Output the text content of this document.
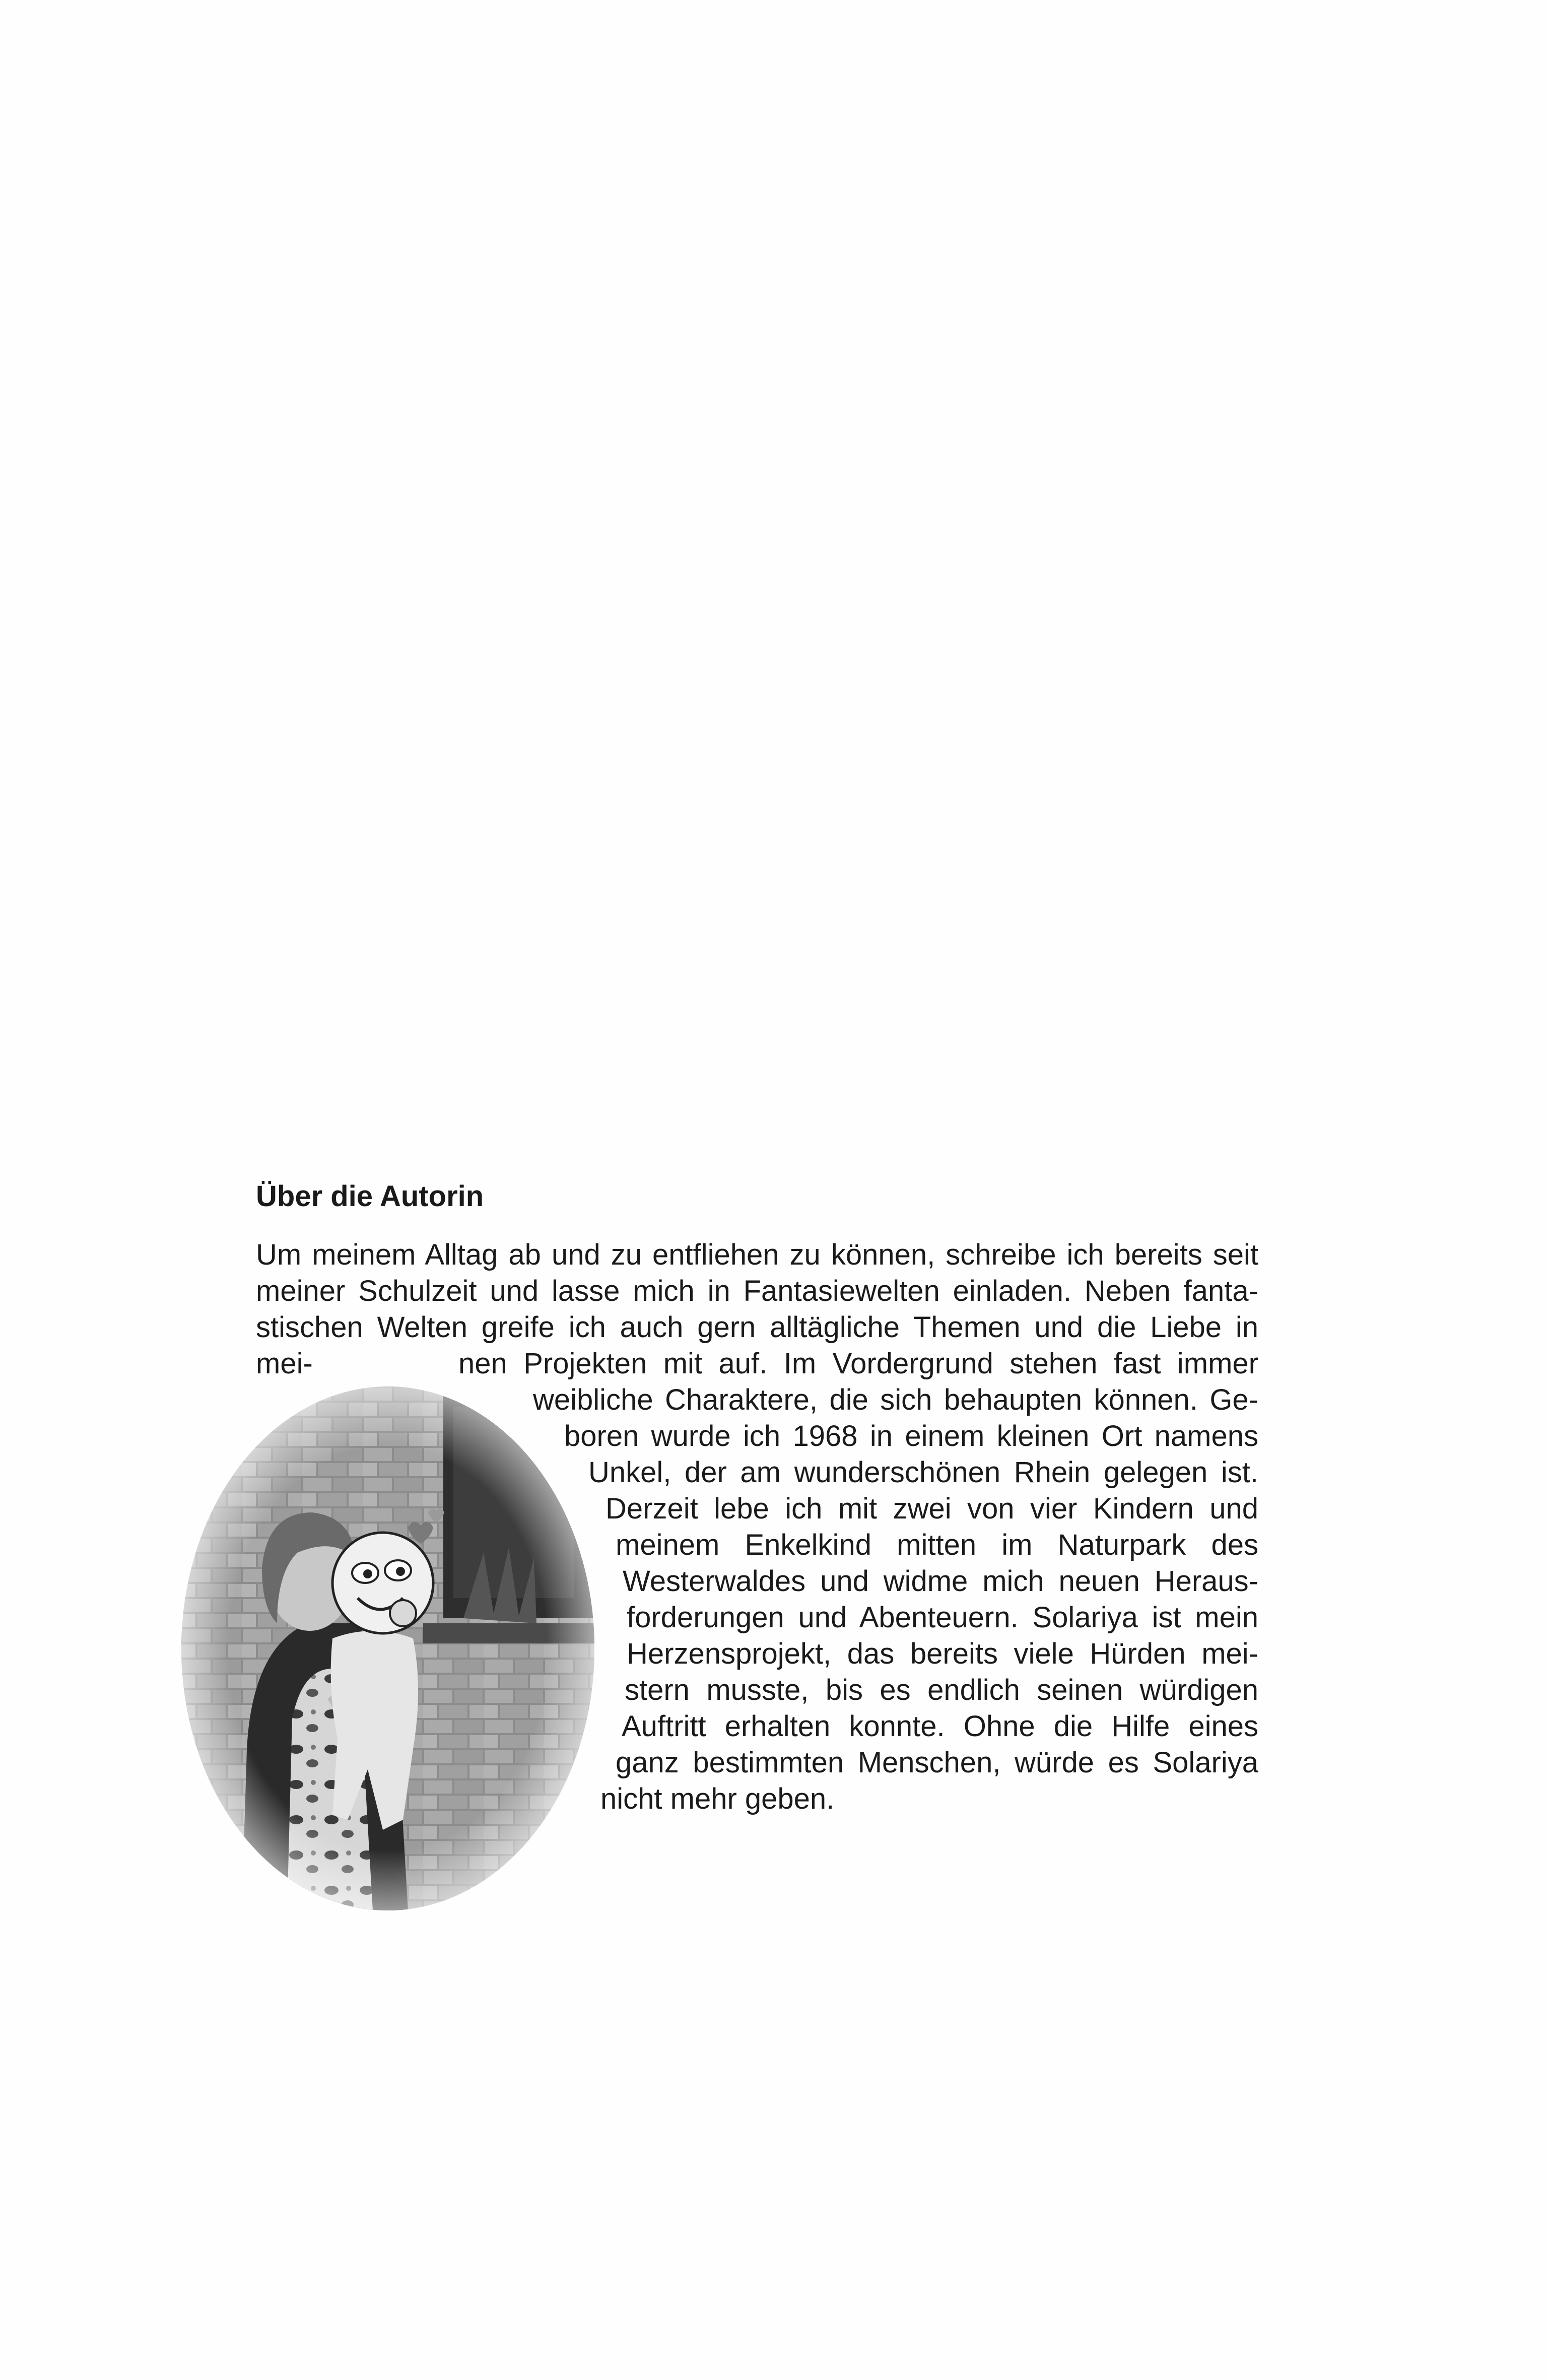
Über die Autorin
Um meinem Alltag ab und zu entfliehen zu können, schreibe ich bereits seit
meiner Schulzeit und lasse mich in Fantasiewelten einladen. Neben fanta-
stischen Welten greife ich auch gern alltägliche Themen und die Liebe in
mei-	nen Projekten mit auf. Im Vordergrund stehen fast immer
weibliche Charaktere, die sich behaupten können. Ge-
boren wurde ich 1968 in einem kleinen Ort namens
Unkel, der am wunderschönen Rhein gelegen ist.
Derzeit lebe ich mit zwei von vier Kindern und
meinem Enkelkind mitten im Naturpark des
Westerwaldes und widme mich neuen Heraus-
forderungen und Abenteuern. Solariya ist mein
Herzensprojekt, das bereits viele Hürden mei-
stern musste, bis es endlich seinen würdigen
Auftritt erhalten konnte. Ohne die Hilfe eines
ganz bestimmten Menschen, würde es Solariya
nicht mehr geben.
